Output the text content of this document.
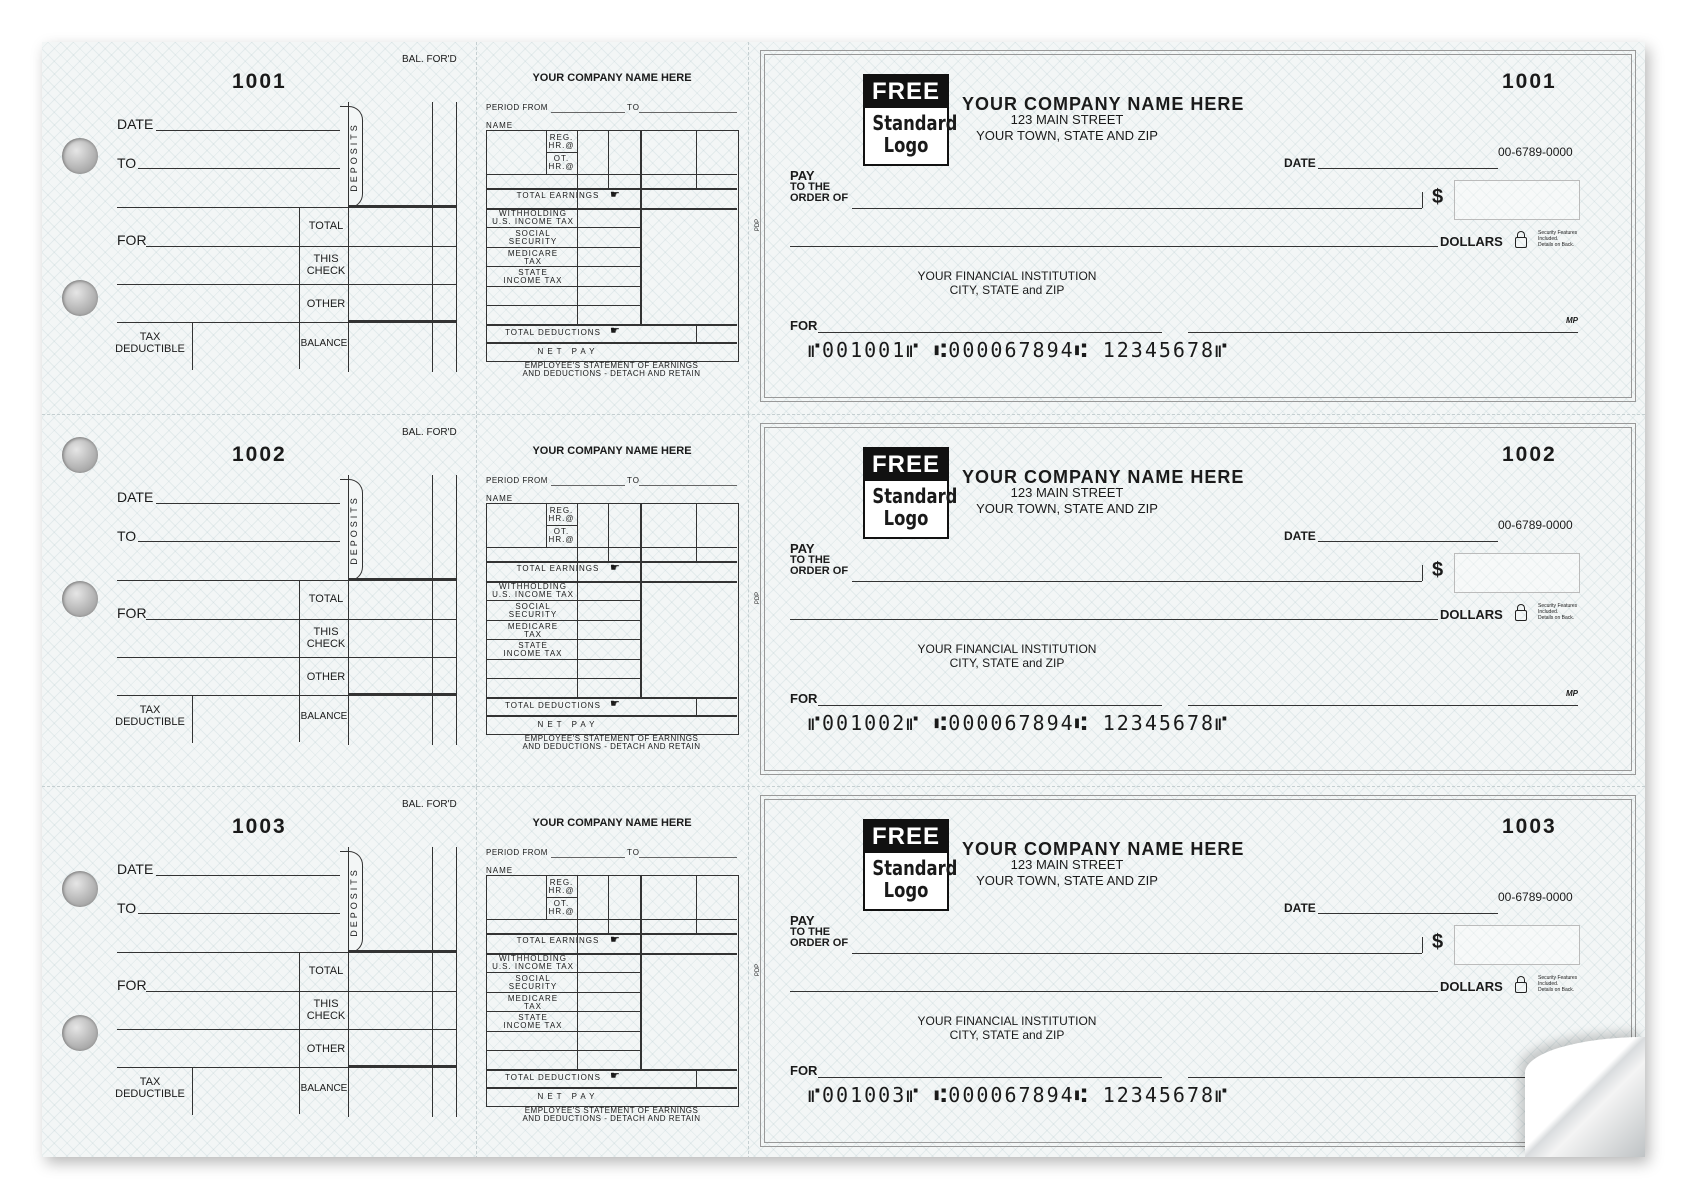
1001
BAL. FOR'D
DATE
TO	DEPOSITS
TOTAL
FOR
THIS
CHECK
OTHER
TAX
DEDUCTIBLE	BALANCE
YOUR COMPANY NAME HERE
PERIOD FROM	TO
NAME
REG.
HR.@
OT.
HR.@
TOTAL EARNINGS ☛
WITHHOLDING
U.S. INCOME TAX
SOCIAL
SECURITY
MEDICARE
TAX
STATE
INCOME TAX
TOTAL DEDUCTIONS ☛
NET PAY
EMPLOYEE'S STATEMENT OF EARNINGS
AND DEDUCTIONS - DETACH AND RETAIN
PDP
FREE
Standard
Logo
YOUR COMPANY NAME HERE
123 MAIN STREET
YOUR TOWN, STATE AND ZIP
1001
00-6789-0000
DATE
PAY
TO THE
ORDER OF	$
DOLLARS
Security Features
Included.
Details on Back.
YOUR FINANCIAL INSTITUTION
CITY, STATE and ZIP
FOR	MP
⑈001001⑈ ⑆000067894⑆ 12345678⑈
1002
BAL. FOR'D
DATE
TO	DEPOSITS
TOTAL
FOR
THIS
CHECK
OTHER
TAX
DEDUCTIBLE	BALANCE
YOUR COMPANY NAME HERE
PERIOD FROM	TO
NAME
REG.
HR.@
OT.
HR.@
TOTAL EARNINGS ☛
WITHHOLDING
U.S. INCOME TAX
SOCIAL
SECURITY
MEDICARE
TAX
STATE
INCOME TAX
TOTAL DEDUCTIONS ☛
NET PAY
EMPLOYEE'S STATEMENT OF EARNINGS
AND DEDUCTIONS - DETACH AND RETAIN
PDP
FREE
Standard
Logo
YOUR COMPANY NAME HERE
123 MAIN STREET
YOUR TOWN, STATE AND ZIP
1002
00-6789-0000
DATE
PAY
TO THE
ORDER OF	$
DOLLARS
Security Features
Included.
Details on Back.
YOUR FINANCIAL INSTITUTION
CITY, STATE and ZIP
FOR	MP
⑈001002⑈ ⑆000067894⑆ 12345678⑈
1003
BAL. FOR'D
DATE
TO	DEPOSITS
TOTAL
FOR
THIS
CHECK
OTHER
TAX
DEDUCTIBLE	BALANCE
YOUR COMPANY NAME HERE
PERIOD FROM	TO
NAME
REG.
HR.@
OT.
HR.@
TOTAL EARNINGS ☛
WITHHOLDING
U.S. INCOME TAX
SOCIAL
SECURITY
MEDICARE
TAX
STATE
INCOME TAX
TOTAL DEDUCTIONS ☛
NET PAY
EMPLOYEE'S STATEMENT OF EARNINGS
AND DEDUCTIONS - DETACH AND RETAIN
PDP
FREE
Standard
Logo
YOUR COMPANY NAME HERE
123 MAIN STREET
YOUR TOWN, STATE AND ZIP
1003
00-6789-0000
DATE
PAY
TO THE
ORDER OF	$
DOLLARS
Security Features
Included.
Details on Back.
YOUR FINANCIAL INSTITUTION
CITY, STATE and ZIP
FOR
⑈001003⑈ ⑆000067894⑆ 12345678⑈
